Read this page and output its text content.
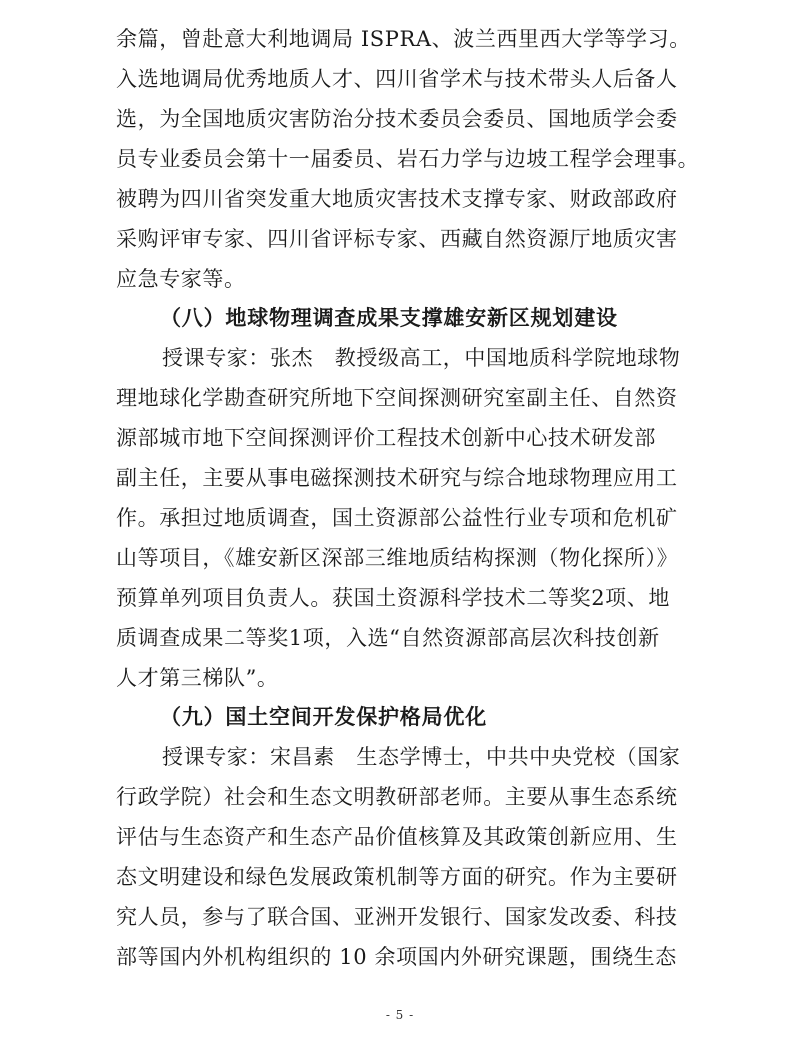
余篇，曾赴意大利地调局 ISPRA、波兰西里西大学等学习。
入选地调局优秀地质人才、四川省学术与技术带头人后备人
选，为全国地质灾害防治分技术委员会委员、国地质学会委
员专业委员会第十一届委员、岩石力学与边坡工程学会理事。
被聘为四川省突发重大地质灾害技术支撑专家、财政部政府
采购评审专家、四川省评标专家、西藏自然资源厅地质灾害
应急专家等。
（八）地球物理调查成果支撑雄安新区规划建设
授课专家：张杰　教授级高工，中国地质科学院地球物
理地球化学勘查研究所地下空间探测研究室副主任、自然资
源部城市地下空间探测评价工程技术创新中心技术研发部
副主任，主要从事电磁探测技术研究与综合地球物理应用工
作。承担过地质调查，国土资源部公益性行业专项和危机矿
山等项目，《雄安新区深部三维地质结构探测（物化探所）》
预算单列项目负责人。获国土资源科学技术二等奖2项、地
质调查成果二等奖1项，入选“自然资源部高层次科技创新
人才第三梯队”。
（九）国土空间开发保护格局优化
授课专家：宋昌素　生态学博士，中共中央党校（国家
行政学院）社会和生态文明教研部老师。主要从事生态系统
评估与生态资产和生态产品价值核算及其政策创新应用、生
态文明建设和绿色发展政策机制等方面的研究。作为主要研
究人员，参与了联合国、亚洲开发银行、国家发改委、科技
部等国内外机构组织的 10 余项国内外研究课题，围绕生态
- 5 -
